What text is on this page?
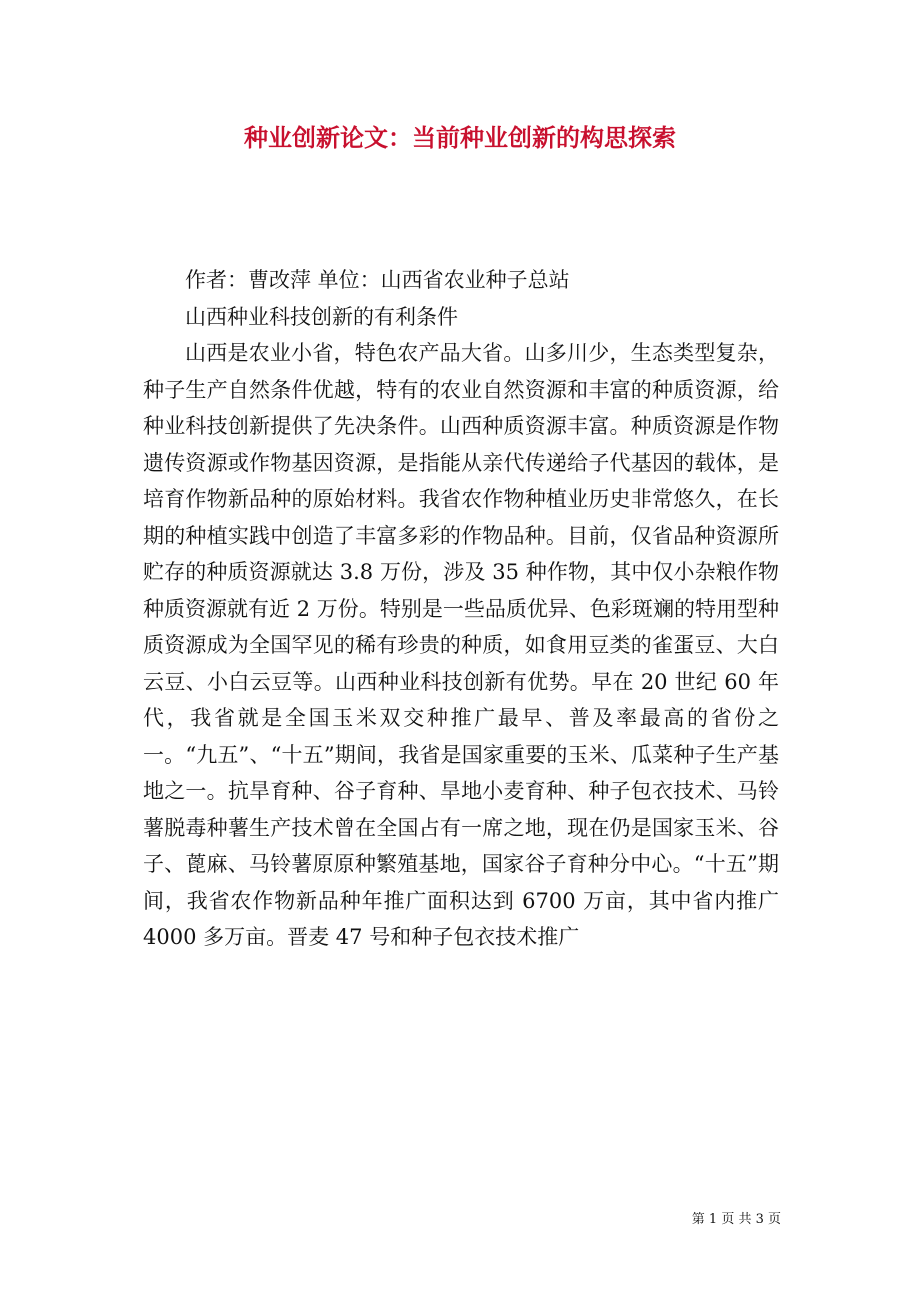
种业创新论文：当前种业创新的构思探索

作者：曹改萍 单位：山西省农业种子总站

山西种业科技创新的有利条件

山西是农业小省，特色农产品大省。山多川少，生态类型复杂，种子生产自然条件优越，特有的农业自然资源和丰富的种质资源，给种业科技创新提供了先决条件。山西种质资源丰富。种质资源是作物遗传资源或作物基因资源，是指能从亲代传递给子代基因的载体，是培育作物新品种的原始材料。我省农作物种植业历史非常悠久，在长期的种植实践中创造了丰富多彩的作物品种。目前，仅省品种资源所贮存的种质资源就达 3.8 万份，涉及 35 种作物，其中仅小杂粮作物种质资源就有近 2 万份。特别是一些品质优异、色彩斑斓的特用型种质资源成为全国罕见的稀有珍贵的种质，如食用豆类的雀蛋豆、大白云豆、小白云豆等。山西种业科技创新有优势。早在 20 世纪 60 年代，我省就是全国玉米双交种推广最早、普及率最高的省份之一。“九五”、“十五”期间，我省是国家重要的玉米、瓜菜种子生产基地之一。抗旱育种、谷子育种、旱地小麦育种、种子包衣技术、马铃薯脱毒种薯生产技术曾在全国占有一席之地，现在仍是国家玉米、谷子、蓖麻、马铃薯原原种繁殖基地，国家谷子育种分中心。“十五”期间，我省农作物新品种年推广面积达到 6700 万亩，其中省内推广 4000 多万亩。晋麦 47 号和种子包衣技术推广

第 1 页 共 3 页
